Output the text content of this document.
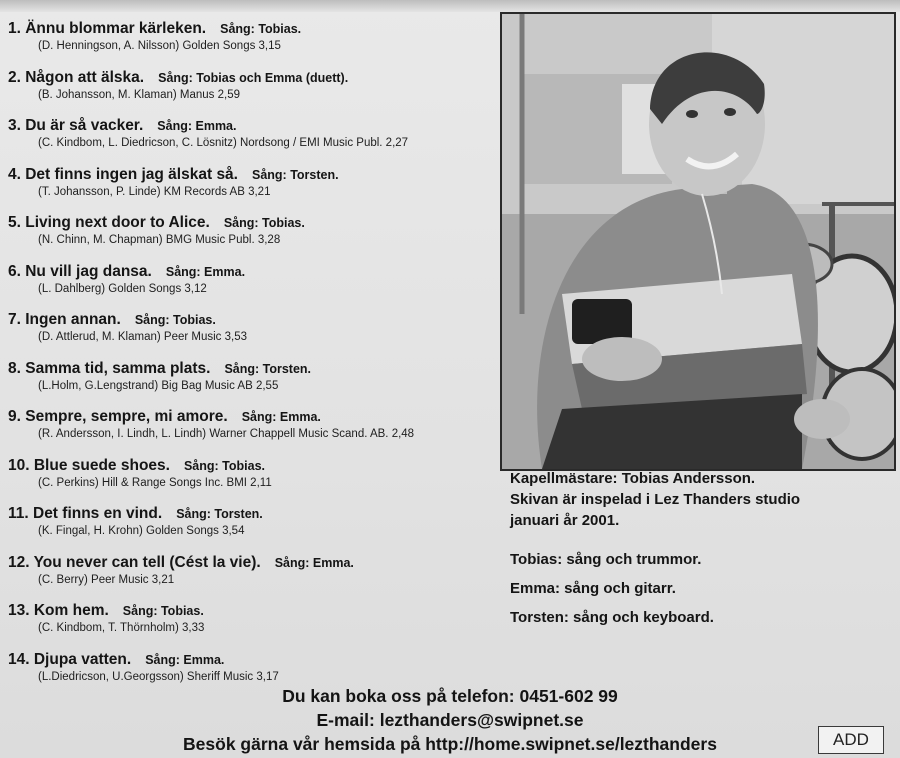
1. Ännu blommar kärleken. Sång: Tobias.
(D. Henningson, A. Nilsson) Golden Songs 3,15
2. Någon att älska. Sång: Tobias och Emma (duett).
(B. Johansson, M. Klaman) Manus 2,59
3. Du är så vacker. Sång: Emma.
(C. Kindbom, L. Diedricson, C. Lösnitz) Nordsong / EMI Music Publ. 2,27
4. Det finns ingen jag älskat så. Sång: Torsten.
(T. Johansson, P. Linde) KM Records AB 3,21
5. Living next door to Alice. Sång: Tobias.
(N. Chinn, M. Chapman) BMG Music Publ. 3,28
6. Nu vill jag dansa. Sång: Emma.
(L. Dahlberg) Golden Songs 3,12
7. Ingen annan. Sång: Tobias.
(D. Attlerud, M. Klaman) Peer Music 3,53
8. Samma tid, samma plats. Sång: Torsten.
(L.Holm, G.Lengstrand) Big Bag Music AB 2,55
9. Sempre, sempre, mi amore. Sång: Emma.
(R. Andersson, I. Lindh, L. Lindh) Warner Chappell Music Scand. AB. 2,48
10. Blue suede shoes. Sång: Tobias.
(C. Perkins) Hill & Range Songs Inc. BMI 2,11
11. Det finns en vind. Sång: Torsten.
(K. Fingal, H. Krohn) Golden Songs 3,54
12. You never can tell (Cést la vie). Sång: Emma.
(C. Berry) Peer Music 3,21
13. Kom hem. Sång: Tobias.
(C. Kindbom, T. Thörnholm) 3,33
14. Djupa vatten. Sång: Emma.
(L.Diedricson, U.Georgsson) Sheriff Music 3,17

Kapellmästare: Tobias Andersson.

Skivan är inspelad i Lez Thanders studio

januari år 2001.

Tobias: sång och trummor.

Emma: sång och gitarr.

Torsten: sång och keyboard.

Du kan boka oss på telefon: 0451-602 99

E-mail: lezthanders@swipnet.se

Besök gärna vår hemsida på http://home.swipnet.se/lezthanders	ADD
